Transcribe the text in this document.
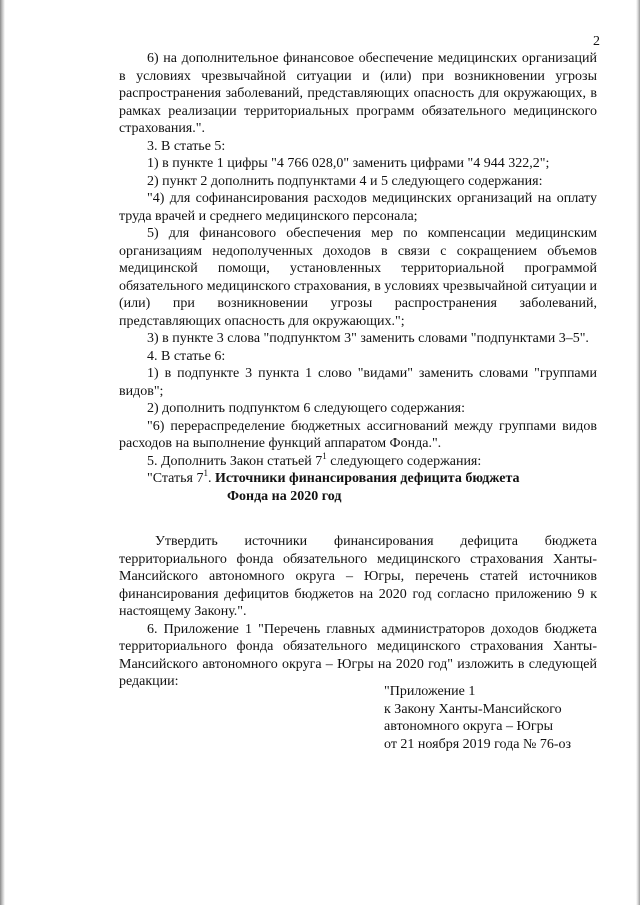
2

6) на дополнительное финансовое обеспечение медицинских организаций в условиях чрезвычайной ситуации и (или) при возникновении угрозы распространения заболеваний, представляющих опасность для окружающих, в рамках реализации территориальных программ обязательного медицинского страхования.".

3. В статье 5:

1) в пункте 1 цифры "4 766 028,0" заменить цифрами "4 944 322,2";

2) пункт 2 дополнить подпунктами 4 и 5 следующего содержания:

"4) для софинансирования расходов медицинских организаций на оплату труда врачей и среднего медицинского персонала;

5) для финансового обеспечения мер по компенсации медицинским организациям недополученных доходов в связи с сокращением объемов медицинской помощи, установленных территориальной программой обязательного медицинского страхования, в условиях чрезвычайной ситуации и (или) при возникновении угрозы распространения заболеваний, представляющих опасность для окружающих.";

3) в пункте 3 слова "подпунктом 3" заменить словами "подпунктами 3–5".

4. В статье 6:

1) в подпункте 3 пункта 1 слово "видами" заменить словами "группами видов";

2) дополнить подпунктом 6 следующего содержания:

"6) перераспределение бюджетных ассигнований между группами видов расходов на выполнение функций аппаратом Фонда.".

5. Дополнить Закон статьей $7^1$ следующего содержания:

"Статья $7^1$. Источники финансирования дефицита бюджета

Фонда на 2020 год

Утвердить источники финансирования дефицита бюджета территориального фонда обязательного медицинского страхования Ханты-Мансийского автономного округа – Югры, перечень статей источников финансирования дефицитов бюджетов на 2020 год согласно приложению 9 к настоящему Закону.".

6. Приложение 1 "Перечень главных администраторов доходов бюджета территориального фонда обязательного медицинского страхования Ханты-Мансийского автономного округа – Югры на 2020 год" изложить в следующей редакции:

"Приложение 1

к Закону Ханты-Мансийского

автономного округа – Югры

от 21 ноября 2019 года № 76-оз
